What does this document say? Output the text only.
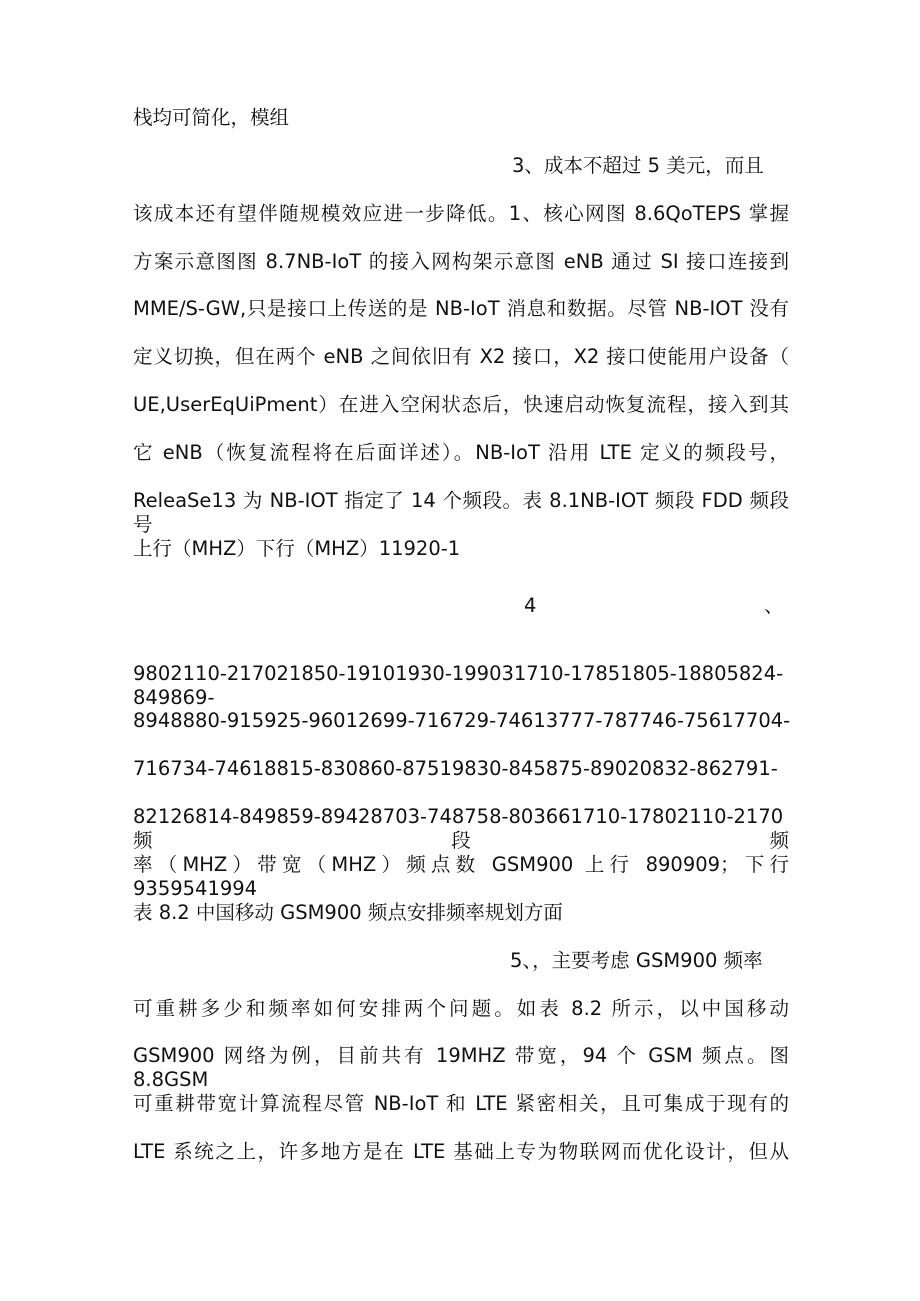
栈均可简化，模组
3、成本不超过 5 美元，而且
该成本还有望伴随规模效应进一步降低。1、核心网图 8.6QoTEPS 掌握
方案示意图图 8.7NB-IoT 的接入网构架示意图 eNB 通过 SI 接口连接到
MME/S-GW,只是接口上传送的是 NB-IoT 消息和数据。尽管 NB-IOT 没有
定义切换，但在两个 eNB 之间依旧有 X2 接口，X2 接口使能用户设备（
UE,UserEqUiPment）在进入空闲状态后，快速启动恢复流程，接入到其
它 eNB（恢复流程将在后面详述）。NB-IoT 沿用 LTE 定义的频段号，
ReleaSe13 为 NB-IOT 指定了 14 个频段。表 8.1NB-IOT 频段 FDD 频段号
上行（MHZ）下行（MHZ）11920-1
4	、
9802110-217021850-19101930-199031710-17851805-18805824-849869-
8948880-915925-96012699-716729-74613777-787746-75617704-
716734-74618815-830860-87519830-845875-89020832-862791-
82126814-849859-89428703-748758-803661710-17802110-2170 频段频
率（MHZ）带宽（MHZ）频点数 GSM900 上行 890909；下行 9359541994
表 8.2 中国移动 GSM900 频点安排频率规划方面
5、，主要考虑 GSM900 频率
可重耕多少和频率如何安排两个问题。如表 8.2 所示，以中国移动
GSM900 网络为例，目前共有 19MHZ 带宽，94 个 GSM 频点。图 8.8GSM
可重耕带宽计算流程尽管 NB-IoT 和 LTE 紧密相关，且可集成于现有的
LTE 系统之上，许多地方是在 LTE 基础上专为物联网而优化设计，但从
